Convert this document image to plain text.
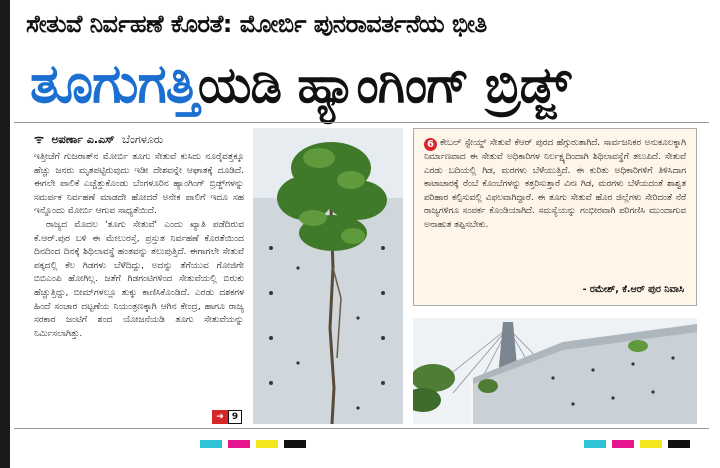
ಸೇತುವೆ ನಿರ್ವಹಣೆ ಕೊರತೆ: ಮೋರ್ಬಿ ಪುನರಾವರ್ತನೆಯ ಭೀತಿ
ತೂಗುಗತ್ತಿಯಡಿ ಹ್ಯಾಂಗಿಂಗ್ ಬ್ರಿಡ್ಜ್
ᯤ ಅಪರ್ಣಾ ಎ.ಎಸ್ ಬೆಂಗಳೂರು

ಇತ್ತೀಚೆಗೆ ಗುಜರಾತ್‌ನ ಮೋರ್ಬಿ ತೂಗು ಸೇತುವೆ ಕುಸಿದು ನೂರೈವತ್ತಕ್ಕೂ ಹೆಚ್ಚು ಜನರು ಮೃತಪಟ್ಟಿರುವುದು ಇಡೀ ದೇಶವನ್ನೇ ಆಘಾತಕ್ಕೆ ದೂಡಿದೆ. ಈಗಲೇ ಪಾಲಿಕೆ ಎಚ್ಚೆತ್ತುಕೊಂಡು ಬೆಂಗಳೂರಿನ ಹ್ಯಾಂಗಿಂಗ್ ಬ್ರಿಡ್ಜ್‌ಗಳನ್ನು ಸಮರ್ಪಕ ನಿರ್ವಹಣೆ ಮಾಡದೇ ಹೋದರೆ ಅನೇಕ ಪಾಲಿಗೆ ಇದೂ ಸಹ ಇನ್ನೊಂದು ಮೋರ್ಬಿ ಆಗುವ ಸಾಧ್ಯತೆಯಿದೆ.

ರಾಜ್ಯದ ಮೊದಲ 'ತೂಗು ಸೇತುವೆ' ಎಂದು ಖ್ಯಾತಿ ಪಡೆದಿರುವ ಕೆ.ಆರ್.ಪುರ ಬಳಿ ಈ ಮೇಲುರಸ್ತೆ, ಪ್ರಸ್ತುತ ನಿರ್ವಹಣೆ ಕೊರತೆಯಿಂದ ದಿನದಿಂದ ದಿನಕ್ಕೆ ಶಿಥಿಲಾವಸ್ಥೆ ಹಂತವನ್ನು ತಲುಪುತ್ತಿದೆ. ಈಗಾಗಲೇ ಸೇತುವೆ ಪಕ್ಕದಲ್ಲಿ ಕೆಲ ಗಿಡಗಳು ಬೆಳೆದಿದ್ದು, ಅದನ್ನು ತೆಗೆಯುವ ಗೋಜಿಗೇ ಬಿಬಿಎಂಪಿ ಹೋಗಿಲ್ಲ. ಜತೆಗೆ ಗಿಡಗಂಟಿಗಳಿಂದ ಸೇತುವೆಯಲ್ಲಿ ಬಿರುಕು ಹೆಚ್ಚುತ್ತಿದ್ದು, ಬೀಮ್‌ಗಳಲ್ಲೂ ತುಕ್ಕು ಕಾಣಿಸಿಕೊಂಡಿದೆ. ಎರಡು ದಶಕಗಳ ಹಿಂದೆ ಸಂಚಾರ ದಟ್ಟಣೆಯ ನಿಯಂತ್ರಣಕ್ಕಾಗಿ ಆಗಿನ ಕೇಂದ್ರ, ಹಾಗೂ ರಾಜ್ಯ ಸರಕಾರ ಜಂಟಿಗೆ ಶಂದ ಯೋಜನೆಯಡಿ ತೂಗು ಸೇತುವೆಯನ್ನು ನಿರ್ಮಿಸಲಾಗಿತ್ತು.

➔ 9
6 ಕೇಬಲ್ ಸ್ಟೇಯ್ಡ್ ಸೇತುವೆ ಕೆಆರ್ ಪುರದ ಹೆಗ್ಗುರುತಾಗಿದೆ. ಸಾರ್ವಜನಿಕರ ಅನುಕೂಲಕ್ಕಾಗಿ ನಿರ್ಮಾಣವಾದ ಈ ಸೇತುವೆ ಅಧಿಕಾರಿಗಳ ನಿರ್ಲಕ್ಷ್ಯದಿಂದಾಗಿ ಶಿಥಿಲಾವಸ್ಥೆಗೆ ತಲುಪಿದೆ. ಸೇತುವೆ ಎರಡು ಬದಿಯಲ್ಲಿ ಗಿಡ, ಮರಗಳು ಬೆಳೆಯುತ್ತಿದೆ. ಈ ಕುರಿತು ಅಧಿಕಾರಿಗಳಿಗೆ ತಿಳಿಸಿದಾಗ ಕಾಟಾಚಾರಕ್ಕೆ ರೆಂಬೆ ಕೊಂಬೆಗಳನ್ನು ಕತ್ತರಿಸುತ್ತಾರೆ ವಿನಃ ಗಿಡ, ಮರಗಳು ಬೆಳೆಯದಂತೆ ಶಾಶ್ವತ ಪರಿಹಾರ ಕಲ್ಪಿಸುವಲ್ಲಿ ವಿಫಲವಾಗಿದ್ದಾರೆ. ಈ ತೂಗು ಸೇತುವೆ ಹೊರ ಜಿಲ್ಲೆಗಳು ಸೇರಿದಂತೆ ನೆರೆ ರಾಜ್ಯಗಳಿಗೂ ಸಂಪರ್ಕ ಕೊಂಡಿಯಾಗಿದೆ. ಸಮಸ್ಯೆಯನ್ನು ಗಂಭೀರವಾಗಿ ಪರಿಗಣಿಸಿ ಮುಂದಾಗುವ ಅನಾಹುತ ತಪ್ಪಿಸಬೇಕು.
- ರಮೇಶ್, ಕೆ.ಆರ್ ಪುರ ನಿವಾಸಿ
